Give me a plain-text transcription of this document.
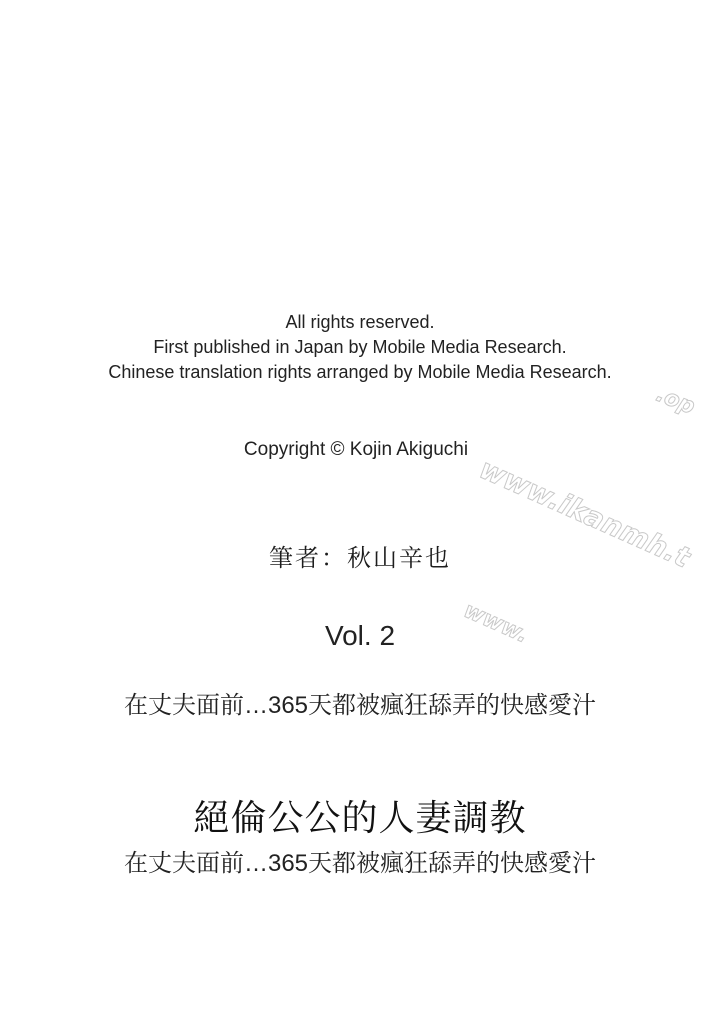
All rights reserved.
First published in Japan by Mobile Media Research.
Chinese translation rights arranged by Mobile Media Research.
Copyright © Kojin Akiguchi
筆者：秋山辛也
Vol. 2
在丈夫面前…365天都被瘋狂舔弄的快感愛汁
絕倫公公的人妻調教
在丈夫面前…365天都被瘋狂舔弄的快感愛汁
.op
www.ikanmh.t
www.
